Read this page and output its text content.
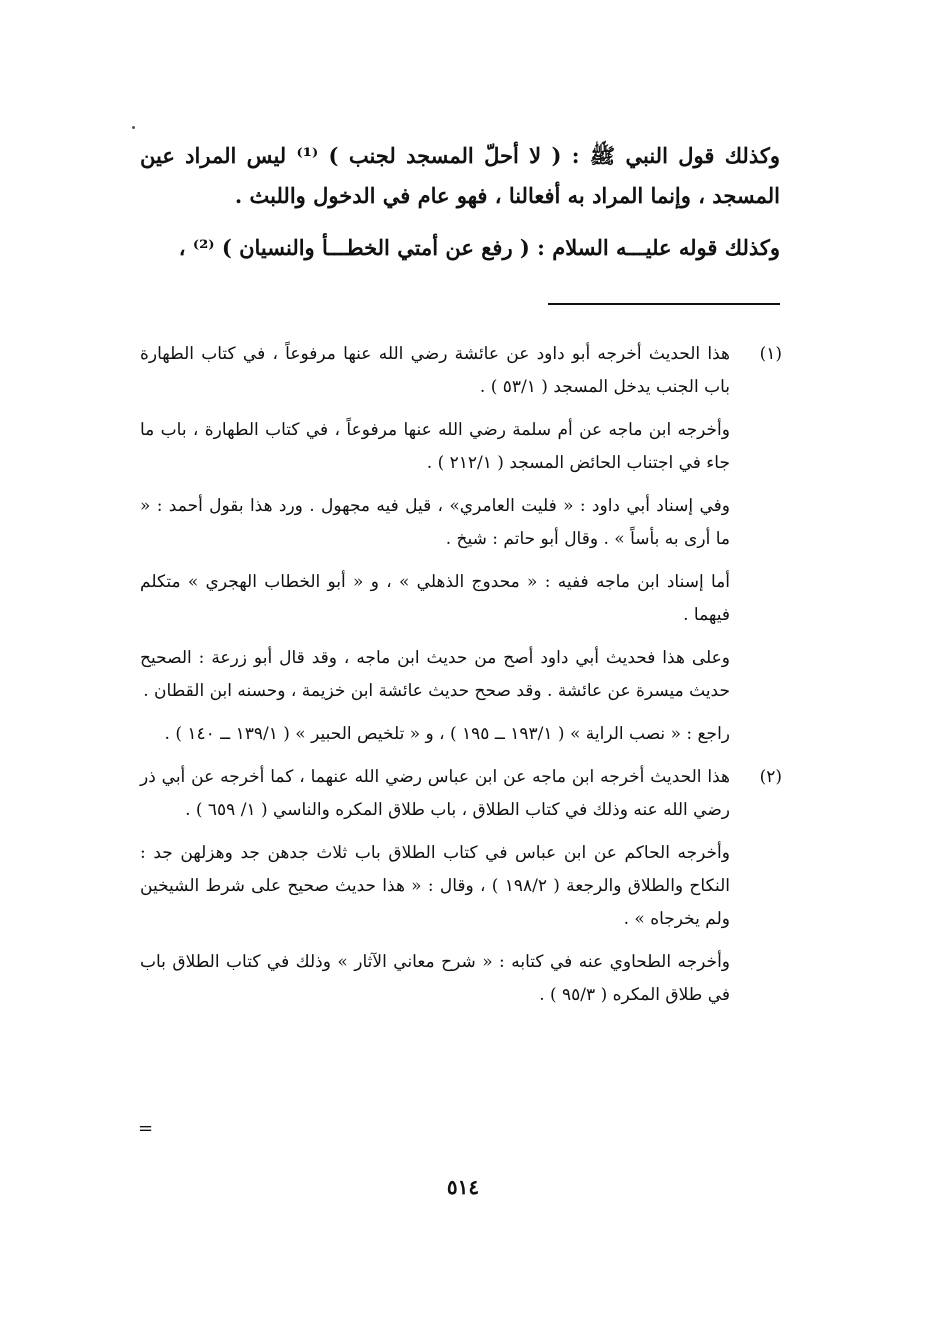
وكذلك قول النبي ﷺ : ( لا أحلّ المسجد لجنب ) ⁽¹⁾ ليس المراد عين المسجد ، وإنما المراد به أفعالنا ، فهو عام في الدخول واللبث .

وكذلك قوله عليـــه السلام : ( رفع عن أمتي الخطـــأ والنسيان ) ⁽²⁾ ،

(١)

هذا الحديث أخرجه أبو داود عن عائشة رضي الله عنها مرفوعاً ، في كتاب الطهارة باب الجنب يدخل المسجد ( ٥٣/١ ) .

وأخرجه ابن ماجه عن أم سلمة رضي الله عنها مرفوعاً ، في كتاب الطهارة ، باب ما جاء في اجتناب الحائض المسجد ( ٢١٢/١ ) .

وفي إسناد أبي داود : « فليت العامري» ، قيل فيه مجهول . ورد هذا بقول أحمد : « ما أرى به بأساً » . وقال أبو حاتم : شيخ .

أما إسناد ابن ماجه ففيه : « محدوج الذهلي » ، و « أبو الخطاب الهجري » متكلم فيهما .

وعلى هذا فحديث أبي داود أصح من حديث ابن ماجه ، وقد قال أبو زرعة : الصحيح حديث ميسرة عن عائشة . وقد صحح حديث عائشة ابن خزيمة ، وحسنه ابن القطان .

راجع : « نصب الراية » ( ١٩٣/١ ــ ١٩٥ ) ، و « تلخيص الحبير » ( ١٣٩/١ ــ ١٤٠ ) .

(٢)

هذا الحديث أخرجه ابن ماجه عن ابن عباس رضي الله عنهما ، كما أخرجه عن أبي ذر رضي الله عنه وذلك في كتاب الطلاق ، باب طلاق المكره والناسي ( ١/ ٦٥٩ ) .

وأخرجه الحاكم عن ابن عباس في كتاب الطلاق باب ثلاث جدهن جد وهزلهن جد : النكاح والطلاق والرجعة ( ١٩٨/٢ ) ، وقال : « هذا حديث صحيح على شرط الشيخين ولم يخرجاه » .

وأخرجه الطحاوي عنه في كتابه : « شرح معاني الآثار » وذلك في كتاب الطلاق باب في طلاق المكره ( ٩٥/٣ ) .

=
٥١٤
